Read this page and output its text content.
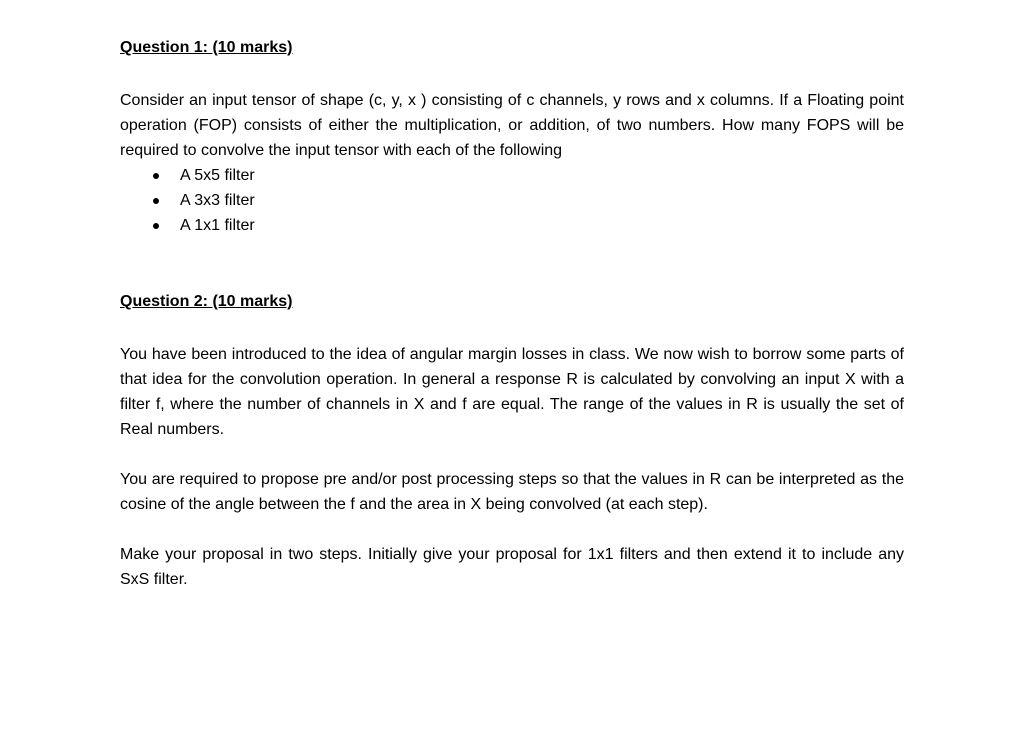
Question 1: (10 marks)

Consider an input tensor of shape (c, y, x ) consisting of c channels, y rows and x columns. If a Floating point operation (FOP) consists of either the multiplication, or addition, of two numbers. How many FOPS will be required to convolve the input tensor with each of the following

A 5x5 filter
A 3x3 filter
A 1x1 filter

Question 2: (10 marks)

You have been introduced to the idea of angular margin losses in class. We now wish to borrow some parts of that idea for the convolution operation. In general a response R is calculated by convolving an input X with a filter f, where the number of channels in X and f are equal. The range of the values in R is usually the set of Real numbers.

You are required to propose pre and/or post processing steps so that the values in R can be interpreted as the cosine of the angle between the f and the area in X being convolved (at each step).

Make your proposal in two steps. Initially give your proposal for 1x1 filters and then extend it to include any SxS filter.
